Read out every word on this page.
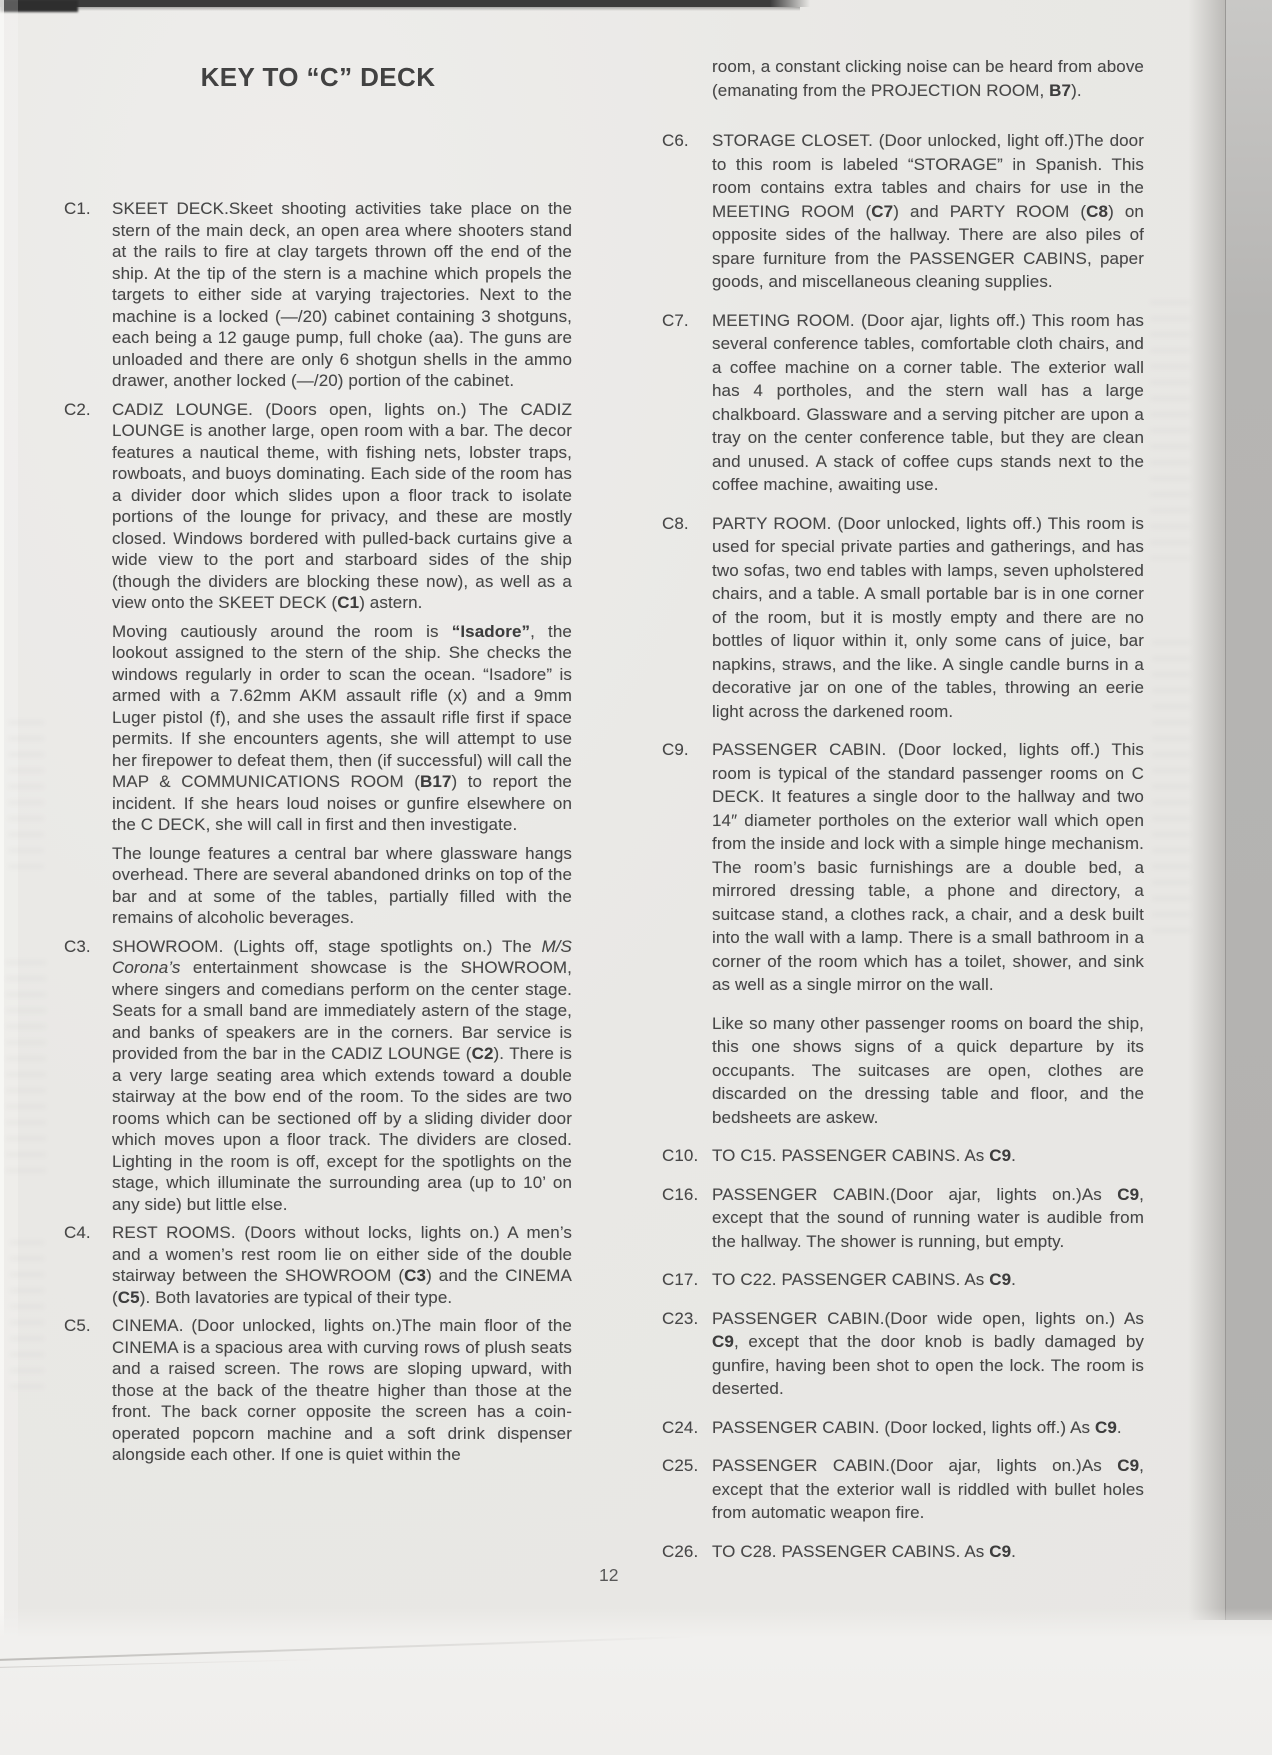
KEY TO “C” DECK

C1. SKEET DECK.Skeet shooting activities take place on the stern of the main deck, an open area where shooters stand at the rails to fire at clay targets thrown off the end of the ship. At the tip of the stern is a machine which propels the targets to either side at varying trajectories. Next to the machine is a locked (—/20) cabinet containing 3 shotguns, each being a 12 gauge pump, full choke (aa). The guns are unloaded and there are only 6 shotgun shells in the ammo drawer, another locked (—/20) portion of the cabinet.

C2. CADIZ LOUNGE. (Doors open, lights on.) The CADIZ LOUNGE is another large, open room with a bar. The decor features a nautical theme, with fishing nets, lobster traps, rowboats, and buoys dominating. Each side of the room has a divider door which slides upon a floor track to isolate portions of the lounge for privacy, and these are mostly closed. Windows bordered with pulled-back curtains give a wide view to the port and starboard sides of the ship (though the dividers are blocking these now), as well as a view onto the SKEET DECK (C1) astern.

Moving cautiously around the room is “Isadore”, the lookout assigned to the stern of the ship. She checks the windows regularly in order to scan the ocean. “Isadore” is armed with a 7.62mm AKM assault rifle (x) and a 9mm Luger pistol (f), and she uses the assault rifle first if space permits. If she encounters agents, she will attempt to use her firepower to defeat them, then (if successful) will call the MAP & COMMUNICATIONS ROOM (B17) to report the incident. If she hears loud noises or gunfire elsewhere on the C DECK, she will call in first and then investigate.

The lounge features a central bar where glassware hangs overhead. There are several abandoned drinks on top of the bar and at some of the tables, partially filled with the remains of alcoholic beverages.

C3. SHOWROOM. (Lights off, stage spotlights on.) The M/S Corona’s entertainment showcase is the SHOWROOM, where singers and comedians perform on the center stage. Seats for a small band are immediately astern of the stage, and banks of speakers are in the corners. Bar service is provided from the bar in the CADIZ LOUNGE (C2). There is a very large seating area which extends toward a double stairway at the bow end of the room. To the sides are two rooms which can be sectioned off by a sliding divider door which moves upon a floor track. The dividers are closed. Lighting in the room is off, except for the spotlights on the stage, which illuminate the surrounding area (up to 10’ on any side) but little else.

C4. REST ROOMS. (Doors without locks, lights on.) A men’s and a women’s rest room lie on either side of the double stairway between the SHOWROOM (C3) and the CINEMA (C5). Both lavatories are typical of their type.

C5. CINEMA. (Door unlocked, lights on.)The main floor of the CINEMA is a spacious area with curving rows of plush seats and a raised screen. The rows are sloping upward, with those at the back of the theatre higher than those at the front. The back corner opposite the screen has a coin-operated popcorn machine and a soft drink dispenser alongside each other. If one is quiet within the

room, a constant clicking noise can be heard from above (emanating from the PROJECTION ROOM, B7).

C6. STORAGE CLOSET. (Door unlocked, light off.)The door to this room is labeled “STORAGE” in Spanish. This room contains extra tables and chairs for use in the MEETING ROOM (C7) and PARTY ROOM (C8) on opposite sides of the hallway. There are also piles of spare furniture from the PASSENGER CABINS, paper goods, and miscellaneous cleaning supplies.

C7. MEETING ROOM. (Door ajar, lights off.) This room has several conference tables, comfortable cloth chairs, and a coffee machine on a corner table. The exterior wall has 4 portholes, and the stern wall has a large chalkboard. Glassware and a serving pitcher are upon a tray on the center conference table, but they are clean and unused. A stack of coffee cups stands next to the coffee machine, awaiting use.

C8. PARTY ROOM. (Door unlocked, lights off.) This room is used for special private parties and gatherings, and has two sofas, two end tables with lamps, seven upholstered chairs, and a table. A small portable bar is in one corner of the room, but it is mostly empty and there are no bottles of liquor within it, only some cans of juice, bar napkins, straws, and the like. A single candle burns in a decorative jar on one of the tables, throwing an eerie light across the darkened room.

C9. PASSENGER CABIN. (Door locked, lights off.) This room is typical of the standard passenger rooms on C DECK. It features a single door to the hallway and two 14″ diameter portholes on the exterior wall which open from the inside and lock with a simple hinge mechanism. The room’s basic furnishings are a double bed, a mirrored dressing table, a phone and directory, a suitcase stand, a clothes rack, a chair, and a desk built into the wall with a lamp. There is a small bathroom in a corner of the room which has a toilet, shower, and sink as well as a single mirror on the wall.

Like so many other passenger rooms on board the ship, this one shows signs of a quick departure by its occupants. The suitcases are open, clothes are discarded on the dressing table and floor, and the bedsheets are askew.

C10. TO C15. PASSENGER CABINS. As C9.

C16. PASSENGER CABIN.(Door ajar, lights on.)As C9, except that the sound of running water is audible from the hallway. The shower is running, but empty.

C17. TO C22. PASSENGER CABINS. As C9.

C23. PASSENGER CABIN.(Door wide open, lights on.) As C9, except that the door knob is badly damaged by gunfire, having been shot to open the lock. The room is deserted.

C24. PASSENGER CABIN. (Door locked, lights off.) As C9.

C25. PASSENGER CABIN.(Door ajar, lights on.)As C9, except that the exterior wall is riddled with bullet holes from automatic weapon fire.

C26. TO C28. PASSENGER CABINS. As C9.

12
